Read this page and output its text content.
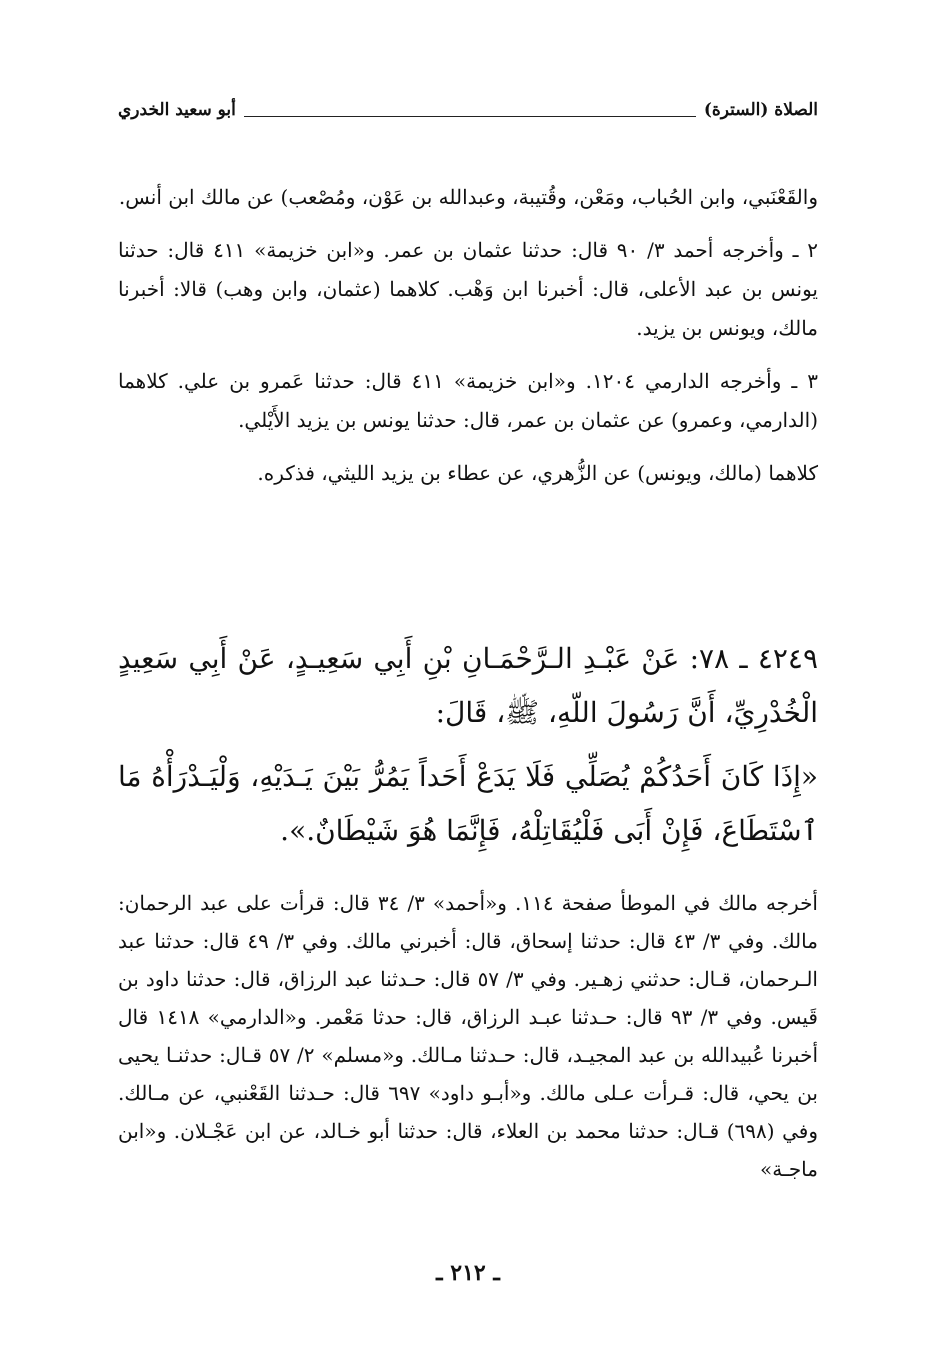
الصلاة (السترة)
أبو سعيد الخدري

والقَعْنَبي، وابن الحُباب، ومَعْن، وقُتيبة، وعبدالله بن عَوْن، ومُصْعب) عن مالك ابن أنس.

٢ ـ وأخرجه أحمد ٣/ ٩٠ قال: حدثنا عثمان بن عمر. و«ابن خزيمة» ٤١١ قال: حدثنا يونس بن عبد الأعلى، قال: أخبرنا ابن وَهْب. كلاهما (عثمان، وابن وهب) قالا: أخبرنا مالك، ويونس بن يزيد.

٣ ـ وأخرجه الدارمي ١٢٠٤. و«ابن خزيمة» ٤١١ قال: حدثنا عَمرو بن علي. كلاهما (الدارمي، وعمرو) عن عثمان بن عمر، قال: حدثنا يونس بن يزيد الأَيْلي.

كلاهما (مالك، ويونس) عن الزُّهري، عن عطاء بن يزيد الليثي، فذكره.

٤٢٤٩ ـ ٧٨: عَنْ عَبْـدِ الـرَّحْمَـانِ بْنِ أَبِي سَعِيـدٍ، عَنْ أَبِي سَعِيدٍ الْخُدْرِيِّ، أَنَّ رَسُولَ اللّهِ، ﷺ، قَالَ:

«إِذَا كَانَ أَحَدُكُمْ يُصَلِّي فَلَا يَدَعْ أَحَداً يَمُرُّ بَيْنَ يَـدَيْهِ، وَلْيَـدْرَأْهُ مَا ٱسْتَطَاعَ، فَإِنْ أَبَى فَلْيُقَاتِلْهُ، فَإِنَّمَا هُوَ شَيْطَانٌ.».

أخرجه مالك في الموطأ صفحة ١١٤. و«أحمد» ٣/ ٣٤ قال: قرأت على عبد الرحمان: مالك. وفي ٣/ ٤٣ قال: حدثنا إسحاق، قال: أخبرني مالك. وفي ٣/ ٤٩ قال: حدثنا عبد الـرحمان، قـال: حدثني زهـير. وفي ٣/ ٥٧ قال: حـدثنا عبد الرزاق، قال: حدثنا داود بن قَيس. وفي ٣/ ٩٣ قال: حـدثنا عبـد الرزاق، قال: حدثا مَعْمر. و«الدارمي» ١٤١٨ قال أخبرنا عُبيدالله بن عبد المجيـد، قال: حـدثنا مـالك. و«مسلم» ٢/ ٥٧ قـال: حدثنـا يحيى بن يحي، قال: قـرأت عـلى مالك. و«أبـو داود» ٦٩٧ قال: حـدثنا القَعْنبي، عن مـالك. وفي (٦٩٨) قـال: حدثنا محمد بن العلاء، قال: حدثنا أبو خـالد، عن ابن عَجْـلان. و«ابن ماجـة»

ـ ٢١٢ ـ
